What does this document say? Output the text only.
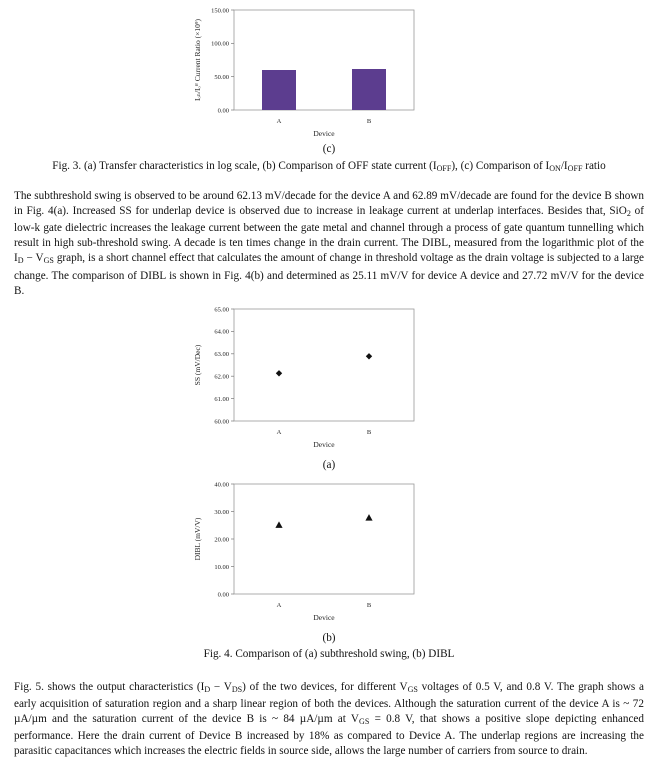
0.00
50.00
100.00
150.00
A	B
Device
Iₒₙ/Iₒᶠᶠ Current Ratio (×10⁹)
(c)
Fig. 3. (a) Transfer characteristics in log scale, (b) Comparison of OFF state current $(I_{OFF})$, (c) Comparison of $I_{ON}/I_{OFF}$ ratio
The subthreshold swing is observed to be around 62.13 mV/decade for the device A and 62.89 mV/decade are found for the device B shown in Fig. 4(a). Increased SS for underlap device is observed due to increase in leakage current at underlap interfaces. Besides that, SiO$_2$ of low-k gate dielectric increases the leakage current between the gate metal and channel through a process of gate quantum tunnelling which result in high sub-threshold swing. A decade is ten times change in the drain current. The DIBL, measured from the logarithmic plot of the $I_D - V_{GS}$ graph, is a short channel effect that calculates the amount of change in threshold voltage as the drain voltage is subjected to a large change. The comparison of DIBL is shown in Fig. 4(b) and determined as 25.11 mV/V for device A device and 27.72 mV/V for the device B.
60.00
61.00
62.00
63.00
64.00
65.00
A	B
Device
SS (mV/Dec)
(a)
0.00
10.00
20.00
30.00
40.00
A	B
Device
DIBL (mV/V)
(b)
Fig. 4. Comparison of (a) subthreshold swing, (b) DIBL
Fig. 5. shows the output characteristics $(I_D - V_{DS})$ of the two devices, for different $V_{GS}$ voltages of 0.5 V, and 0.8 V. The graph shows a early acquisition of saturation region and a sharp linear region of both the devices. Although the saturation current of the device A is ~ 72 µA/µm and the saturation current of the device B is ~ 84 µA/µm at $V_{GS} = 0.8$ V, that shows a positive slope depicting enhanced performance. Here the drain current of Device B increased by 18% as compared to Device A. The underlap regions are increasing the parasitic capacitances which increases the electric fields in source side, allows the large number of carriers from source to drain.
